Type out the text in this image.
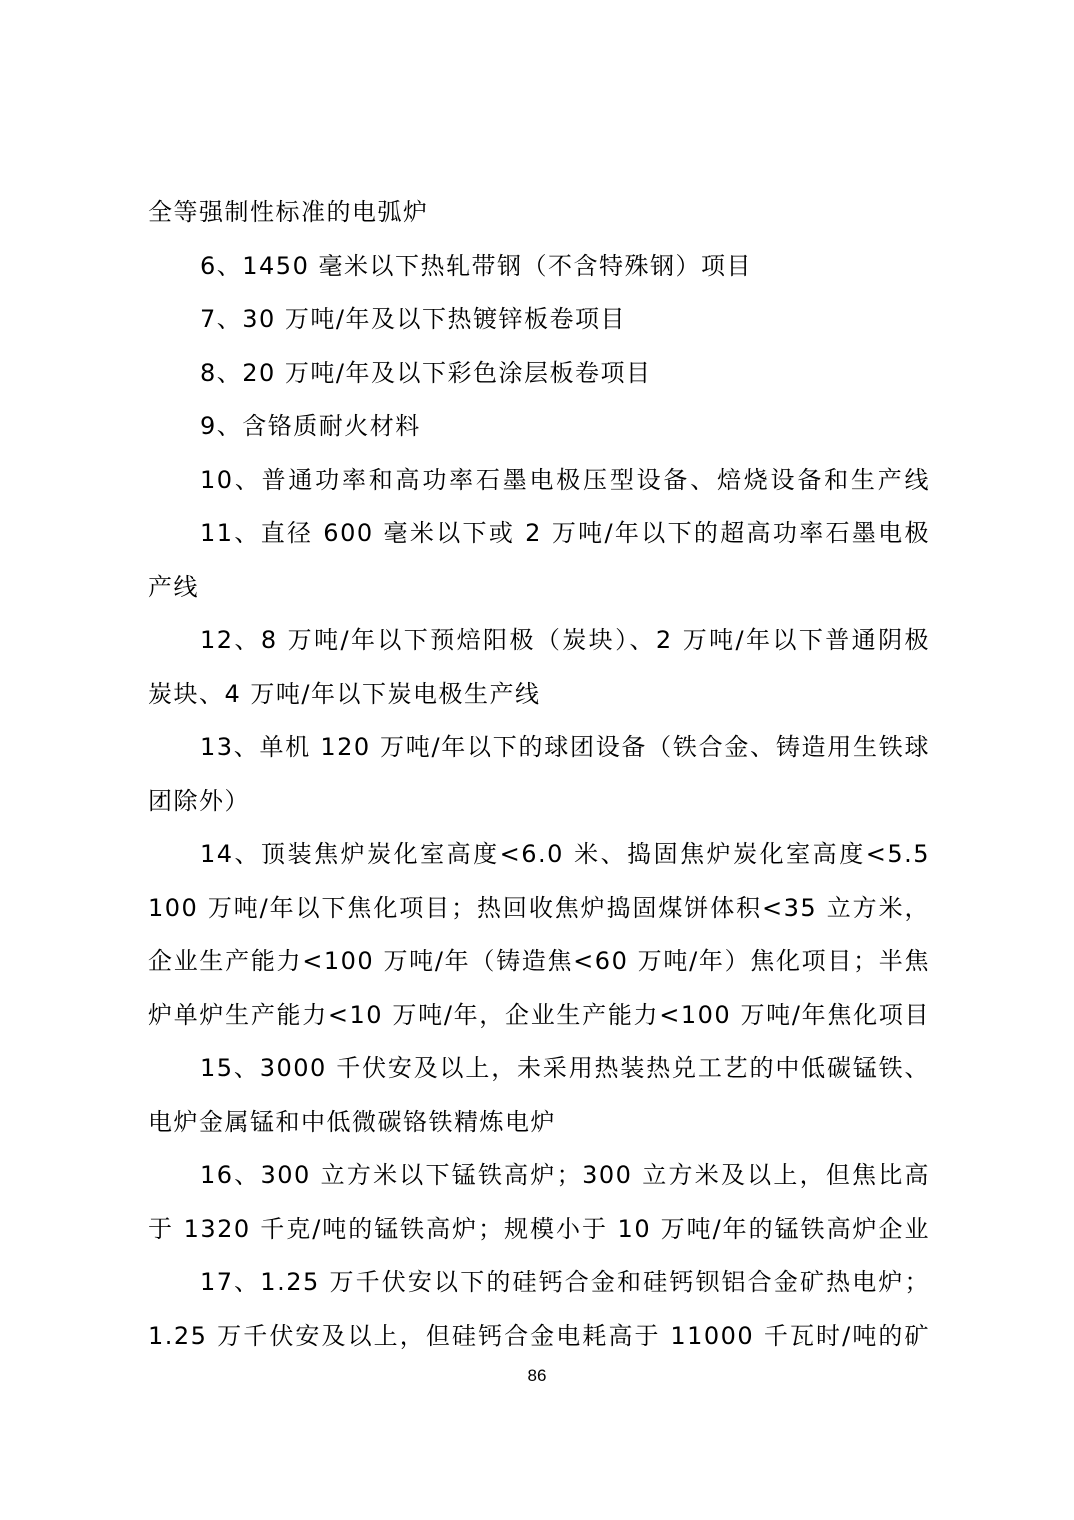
全等强制性标准的电弧炉
6、1450 毫米以下热轧带钢（不含特殊钢）项目
7、30 万吨/年及以下热镀锌板卷项目
8、20 万吨/年及以下彩色涂层板卷项目
9、含铬质耐火材料
10、普通功率和高功率石墨电极压型设备、焙烧设备和生产线
11、直径 600 毫米以下或 2 万吨/年以下的超高功率石墨电极
产线
12、8 万吨/年以下预焙阳极（炭块）、2 万吨/年以下普通阴极
炭块、4 万吨/年以下炭电极生产线
13、单机 120 万吨/年以下的球团设备（铁合金、铸造用生铁球
团除外）
14、顶装焦炉炭化室高度<6.0 米、捣固焦炉炭化室高度<5.5
100 万吨/年以下焦化项目；热回收焦炉捣固煤饼体积<35 立方米，
企业生产能力<100 万吨/年（铸造焦<60 万吨/年）焦化项目；半焦
炉单炉生产能力<10 万吨/年，企业生产能力<100 万吨/年焦化项目
15、3000 千伏安及以上，未采用热装热兑工艺的中低碳锰铁、
电炉金属锰和中低微碳铬铁精炼电炉
16、300 立方米以下锰铁高炉；300 立方米及以上，但焦比高
于 1320 千克/吨的锰铁高炉；规模小于 10 万吨/年的锰铁高炉企业
17、1.25 万千伏安以下的硅钙合金和硅钙钡铝合金矿热电炉；
1.25 万千伏安及以上，但硅钙合金电耗高于 11000 千瓦时/吨的矿
86
